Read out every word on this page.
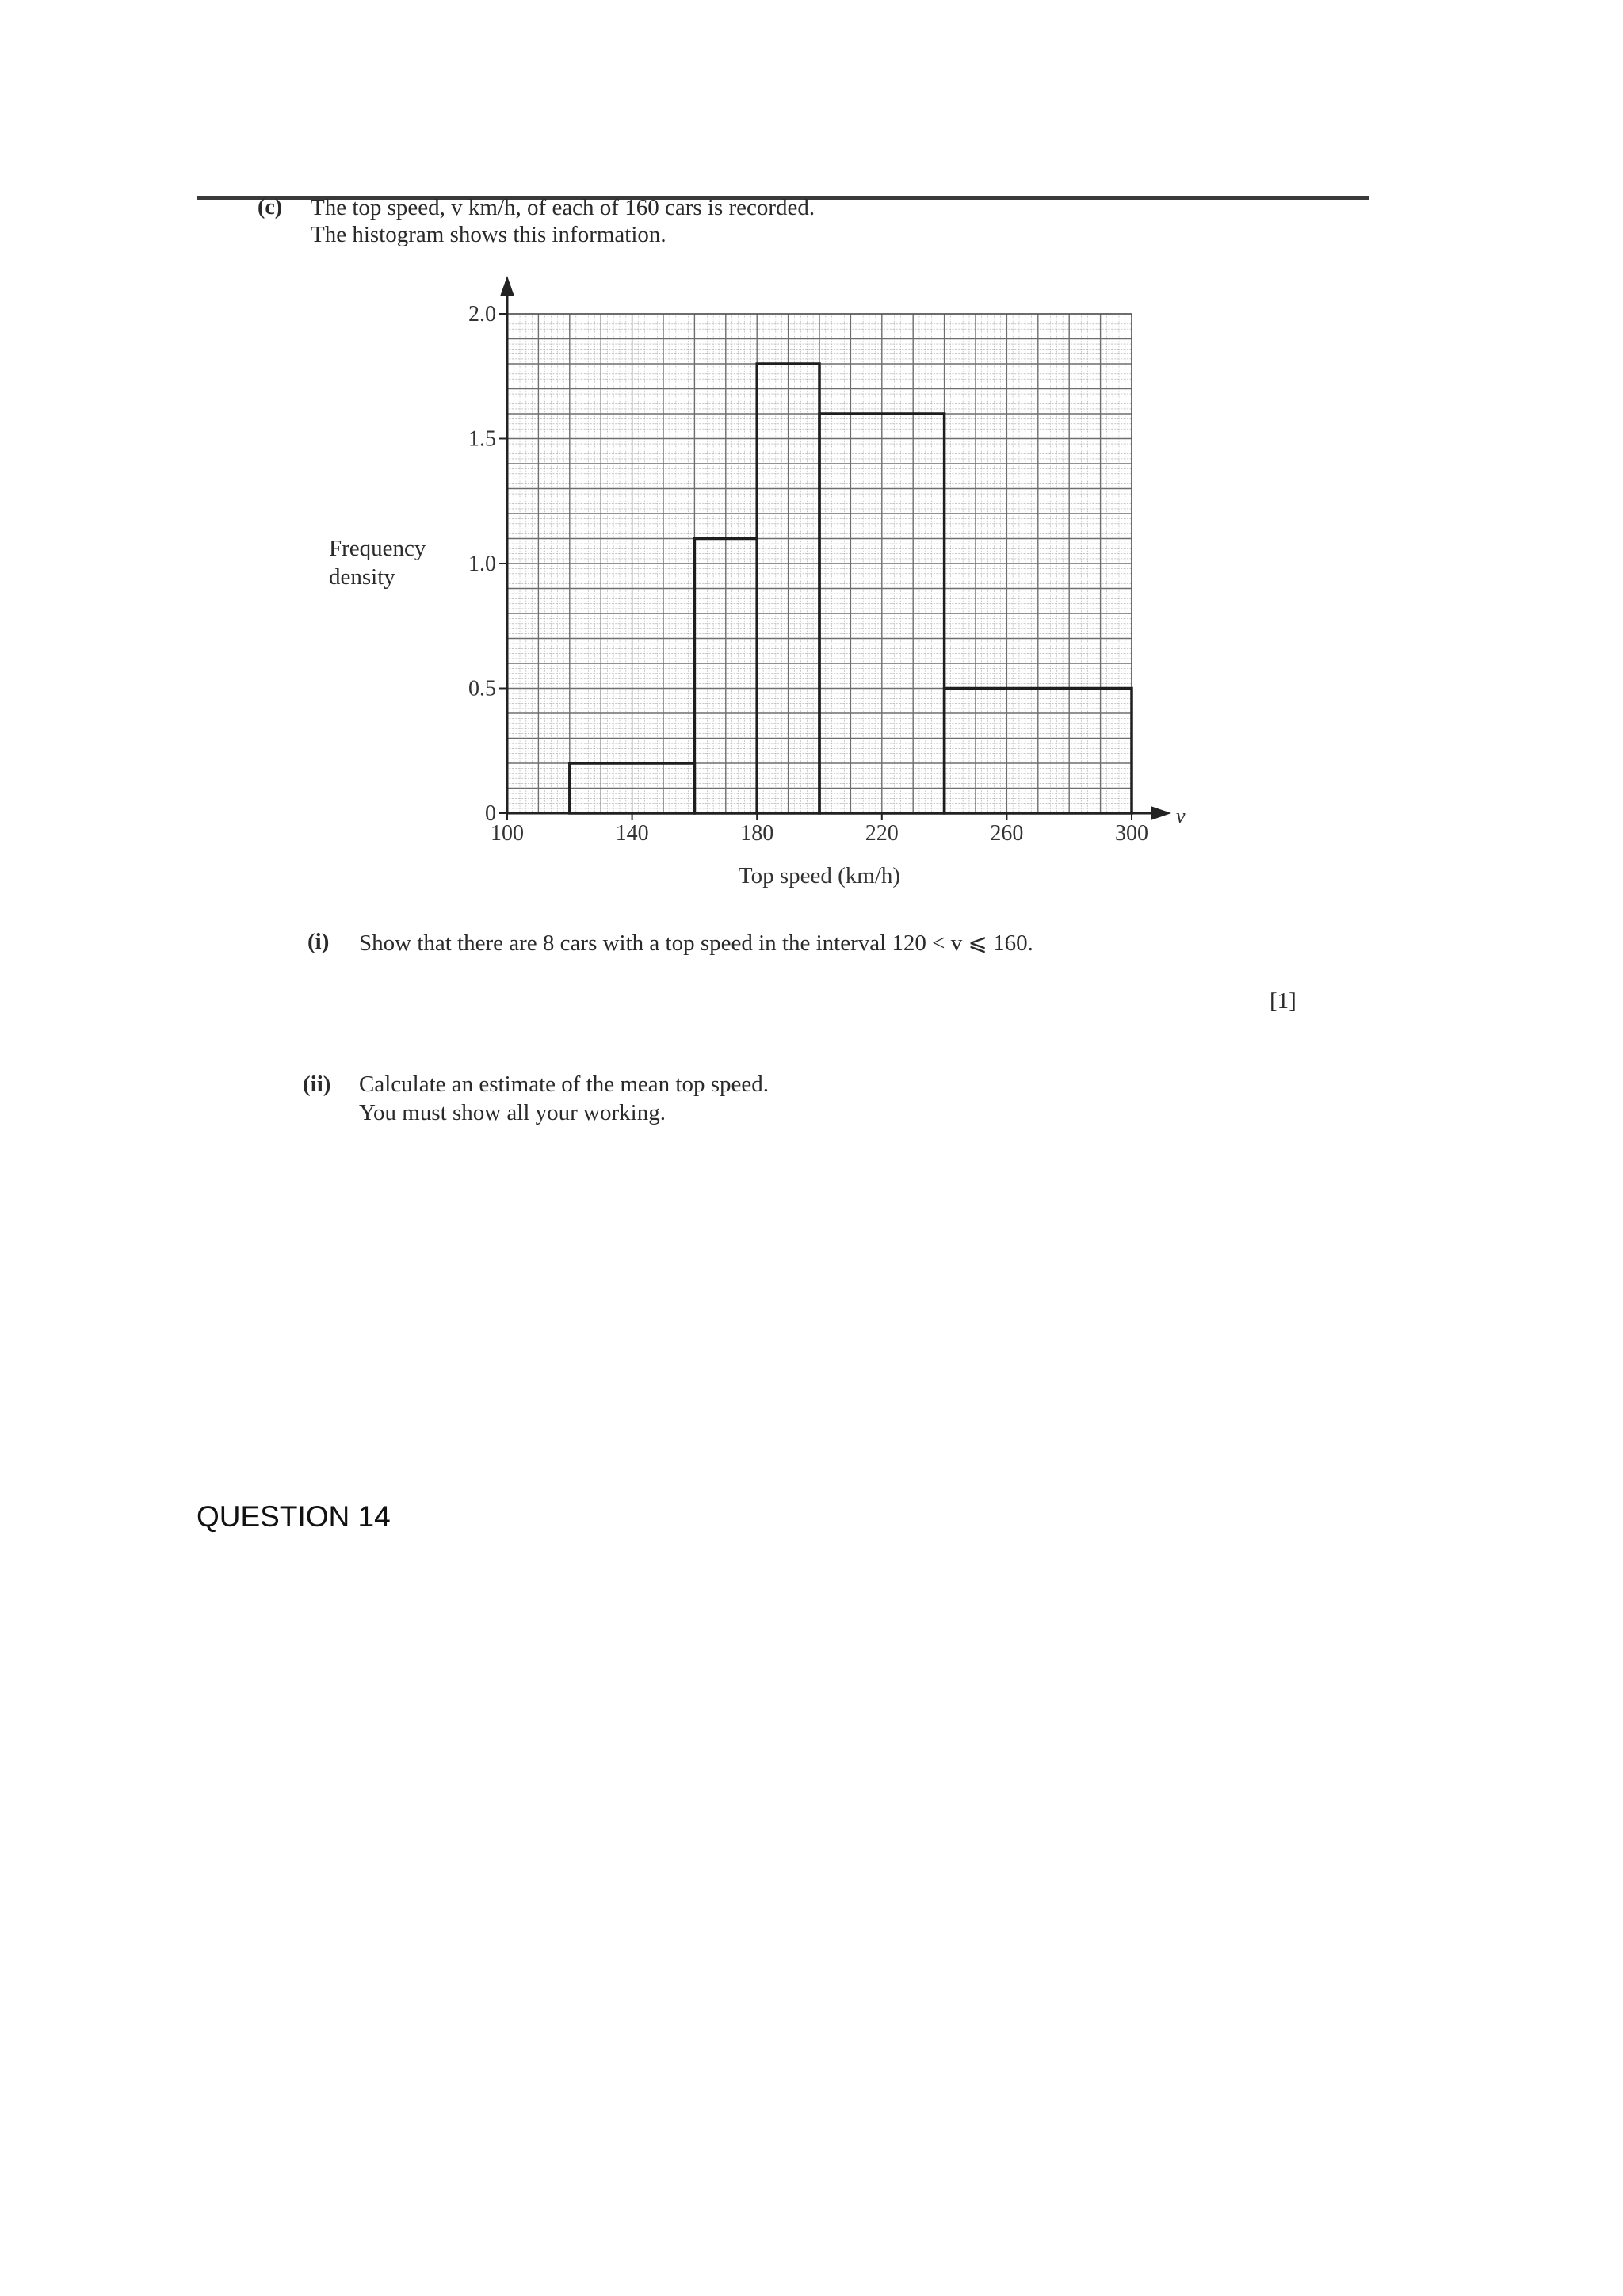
(c) The top speed, v km/h, of each of 160 cars is recorded.
The histogram shows this information.
Frequency
density
0
0.5
1.0
1.5
2.0
100	140	180	220	260	300
Top speed (km/h)
v
(i) Show that there are 8 cars with a top speed in the interval 120 < v ⩽ 160.
[1]
(ii) Calculate an estimate of the mean top speed.
You must show all your working.
QUESTION 14
